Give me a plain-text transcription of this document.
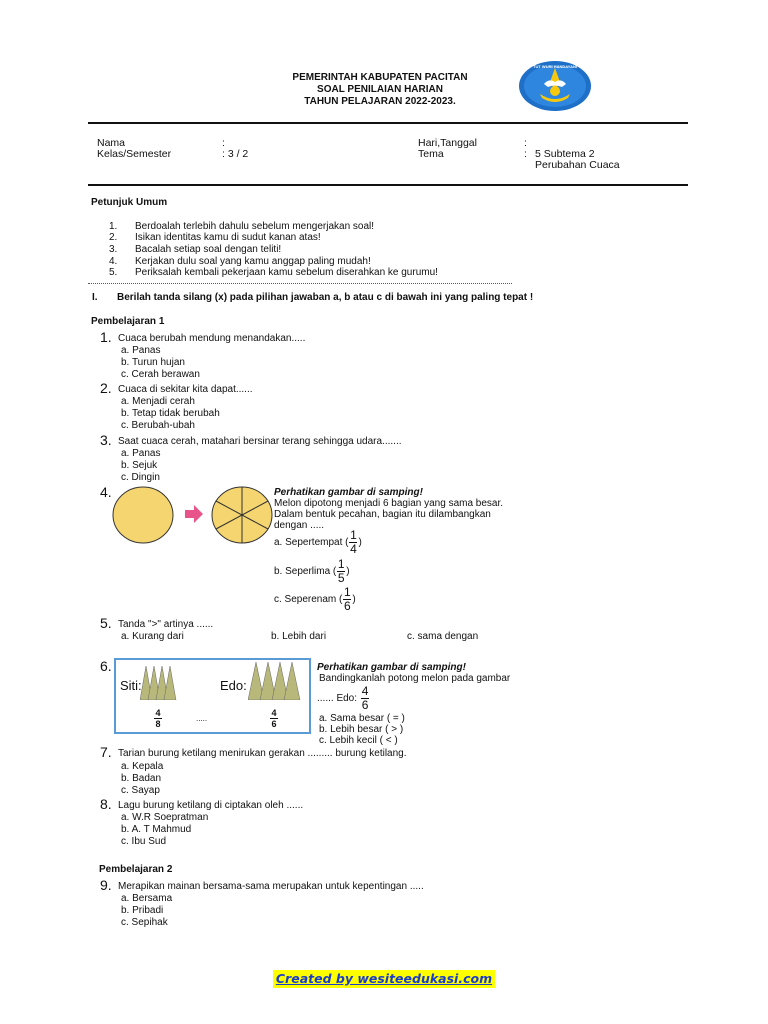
PEMERINTAH KABUPATEN PACITAN
SOAL PENILAIAN HARIAN
TAHUN PELAJARAN 2022-2023.
TUT WURI HANDAYANI
Nama	:
Kelas/Semester	: 3 / 2
Hari,Tanggal	:
Tema	: 5 Subtema 2
Perubahan Cuaca
Petunjuk Umum
1. Berdoalah terlebih dahulu sebelum mengerjakan soal!
2. Isikan identitas kamu di sudut kanan atas!
3. Bacalah setiap soal dengan teliti!
4. Kerjakan dulu soal yang kamu anggap paling mudah!
5. Periksalah kembali pekerjaan kamu sebelum diserahkan ke gurumu!
I. Berilah tanda silang (x) pada pilihan jawaban a, b atau c di bawah ini yang paling tepat !
Pembelajaran 1
1. Cuaca berubah mendung menandakan.....
a. Panas
b. Turun hujan
c. Cerah berawan
2. Cuaca di sekitar kita dapat......
a. Menjadi cerah
b. Tetap tidak berubah
c. Berubah-ubah
3. Saat cuaca cerah, matahari bersinar terang sehingga udara.......
a. Panas
b. Sejuk
c. Dingin
4.	Perhatikan gambar di samping!
Melon dipotong menjadi 6 bagian yang sama besar.
Dalam bentuk pecahan, bagian itu dilambangkan
dengan .....
a. Sepertempat ( $\frac{1}{4}$ )
b. Seperlima ( $\frac{1}{5}$ )
c. Seperenam ( $\frac{1}{6}$ )
5. Tanda ">" artinya ......
a. Kurang dari	b. Lebih dari	c. sama dengan
6.
Siti:	Edo:
4
8
.....
4
6
Perhatikan gambar di samping!
Bandingkanlah potong melon pada gambar
...... Edo: $\frac{4}{6}$
a. Sama besar ( = )
b. Lebih besar ( > )
c. Lebih kecil ( < )
7. Tarian burung ketilang menirukan gerakan ......... burung ketilang.
a. Kepala
b. Badan
c. Sayap
8. Lagu burung ketilang di ciptakan oleh ......
a. W.R Soepratman
b. A. T Mahmud
c. Ibu Sud
Pembelajaran 2
9. Merapikan mainan bersama-sama merupakan untuk kepentingan .....
a. Bersama
b. Pribadi
c. Sepihak
Created by wesiteedukasi.com
